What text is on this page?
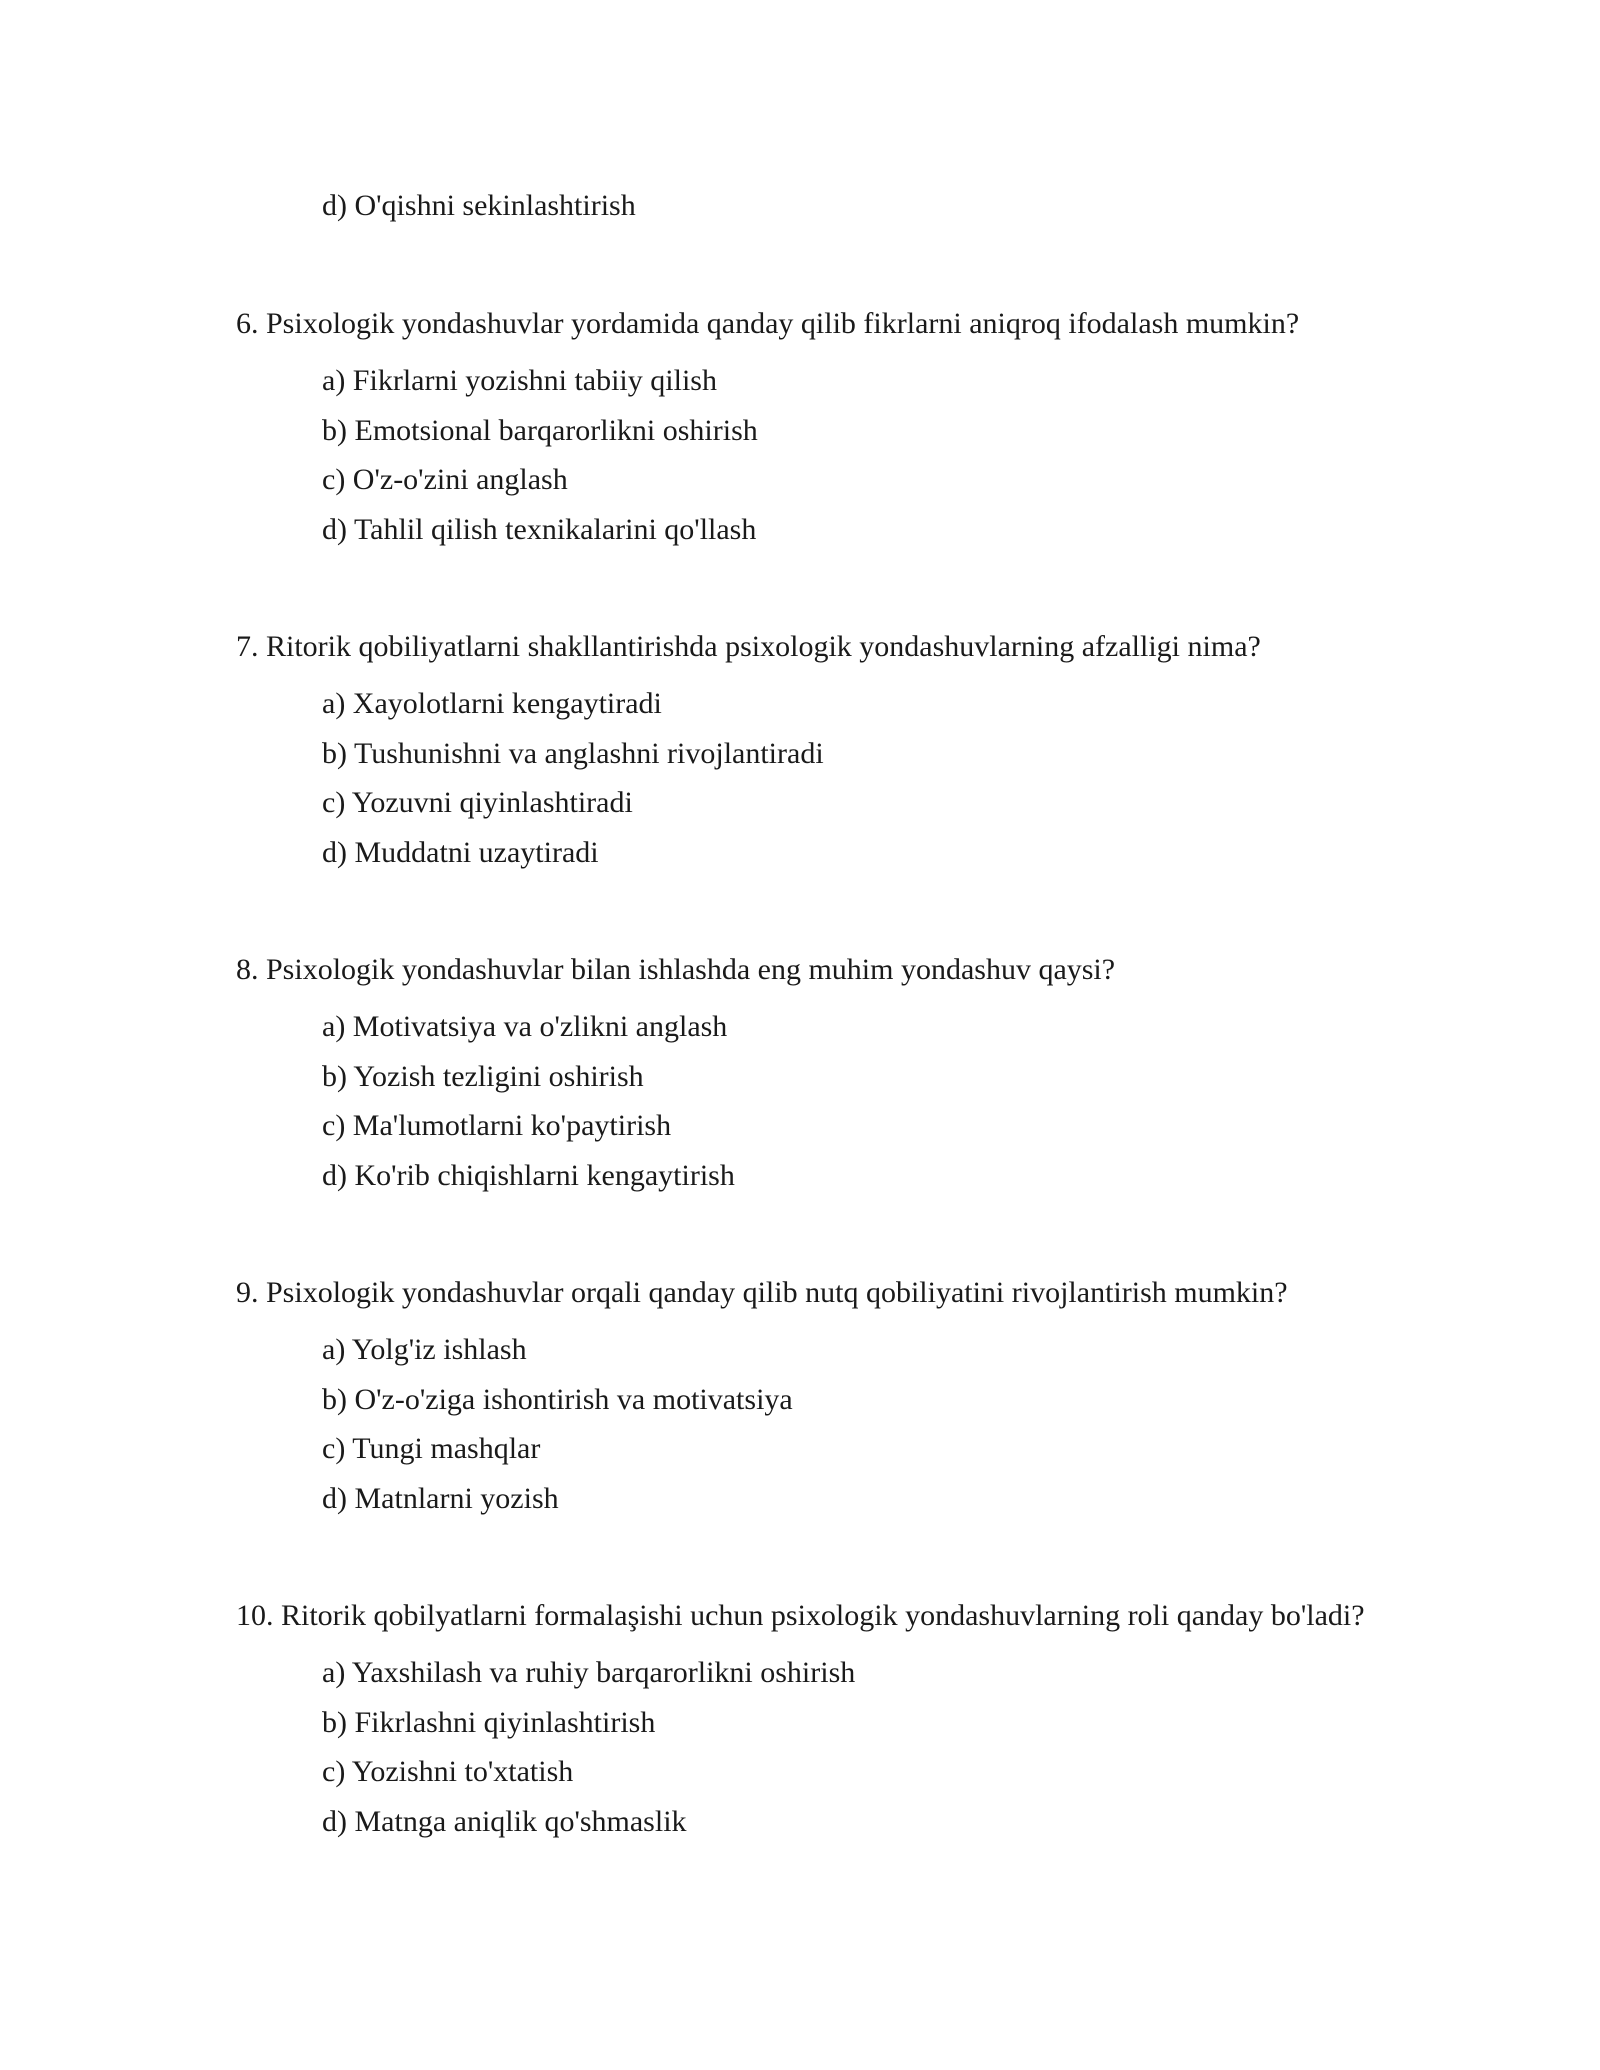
d) O'qishni sekinlashtirish

6. Psixologik yondashuvlar yordamida qanday qilib fikrlarni aniqroq ifodalash mumkin?

a) Fikrlarni yozishni tabiiy qilish
b) Emotsional barqarorlikni oshirish
c) O'z-o'zini anglash
d) Tahlil qilish texnikalarini qo'llash

7. Ritorik qobiliyatlarni shakllantirishda psixologik yondashuvlarning afzalligi nima?

a) Xayolotlarni kengaytiradi
b) Tushunishni va anglashni rivojlantiradi
c) Yozuvni qiyinlashtiradi
d) Muddatni uzaytiradi

8. Psixologik yondashuvlar bilan ishlashda eng muhim yondashuv qaysi?

a) Motivatsiya va o'zlikni anglash
b) Yozish tezligini oshirish
c) Ma'lumotlarni ko'paytirish
d) Ko'rib chiqishlarni kengaytirish

9. Psixologik yondashuvlar orqali qanday qilib nutq qobiliyatini rivojlantirish mumkin?

a) Yolg'iz ishlash
b) O'z-o'ziga ishontirish va motivatsiya
c) Tungi mashqlar
d) Matnlarni yozish

10. Ritorik qobilyatlarni formalaşishi uchun psixologik yondashuvlarning roli qanday bo'ladi?

a) Yaxshilash va ruhiy barqarorlikni oshirish
b) Fikrlashni qiyinlashtirish
c) Yozishni to'xtatish
d) Matnga aniqlik qo'shmaslik
